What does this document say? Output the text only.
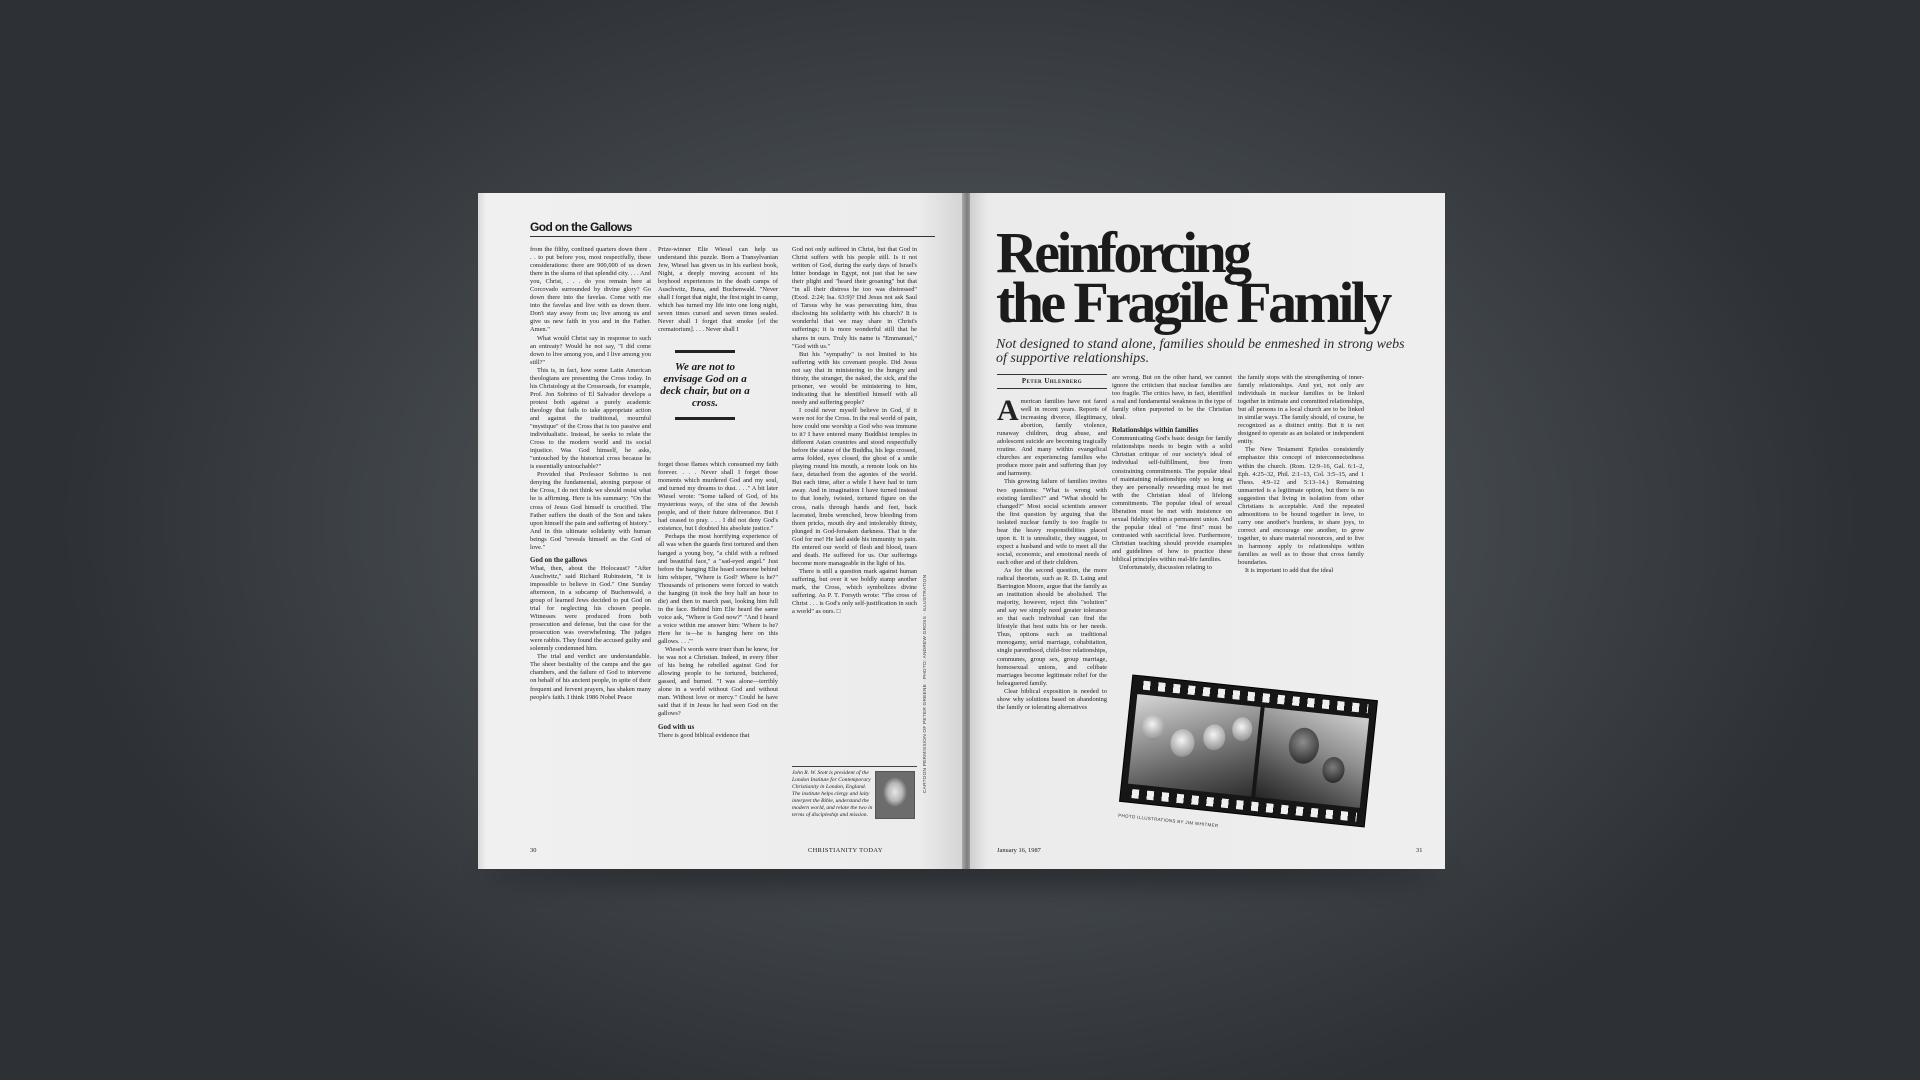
God on the Gallows

from the filthy, confined quarters down there . . . to put before you, most respectfully, these considerations: there are 900,000 of us down there in the slums of that splendid city. . . . And you, Christ, . . . do you remain here at Corcovado surrounded by divine glory? Go down there into the favelas. Come with me into the favelas and live with us down there. Don't stay away from us; live among us and give us new faith in you and in the Father. Amen."

What would Christ say in response to such an entreaty? Would he not say, "I did come down to live among you, and I live among you still?"

This is, in fact, how some Latin American theologians are presenting the Cross today. In his Christology at the Crossroads, for example, Prof. Jon Sobrino of El Salvador develops a protest both against a purely academic theology that fails to take appropriate action and against the traditional, mournful "mystique" of the Cross that is too passive and individualistic. Instead, he seeks to relate the Cross to the modern world and its social injustice. Was God himself, he asks, "untouched by the historical cross because he is essentially untouchable?"

Provided that Professor Sobrino is not denying the fundamental, atoning purpose of the Cross, I do not think we should resist what he is affirming. Here is his summary: "On the cross of Jesus God himself is crucified. The Father suffers the death of the Son and takes upon himself the pain and suffering of history." And in this ultimate solidarity with human beings God "reveals himself as the God of love."

God on the gallows

What, then, about the Holocaust? "After Auschwitz," said Richard Rubinstein, "it is impossible to believe in God." One Sunday afternoon, in a subcamp of Buchenwald, a group of learned Jews decided to put God on trial for neglecting his chosen people. Witnesses were produced from both prosecution and defense, but the case for the prosecution was overwhelming. The judges were rabbis. They found the accused guilty and solemnly condemned him.

The trial and verdict are understandable. The sheer bestiality of the camps and the gas chambers, and the failure of God to intervene on behalf of his ancient people, in spite of their frequent and fervent prayers, has shaken many people's faith. I think 1986 Nobel Peace

Prize-winner Elie Wiesel can help us understand this puzzle. Born a Transylvanian Jew, Wiesel has given us in his earliest book, Night, a deeply moving account of his boyhood experiences in the death camps of Auschwitz, Buna, and Buchenwald. "Never shall I forget that night, the first night in camp, which has turned my life into one long night, seven times cursed and seven times sealed. Never shall I forget that smoke [of the crematorium]. . . . Never shall I

We are not to envisage God on a deck chair, but on a cross.

forget those flames which consumed my faith forever. . . . Never shall I forget those moments which murdered God and my soul, and turned my dreams to dust. . . ." A bit later Wiesel wrote: "Some talked of God, of his mysterious ways, of the sins of the Jewish people, and of their future deliverance. But I had ceased to pray. . . . I did not deny God's existence, but I doubted his absolute justice."

Perhaps the most horrifying experience of all was when the guards first tortured and then hanged a young boy, "a child with a refined and beautiful face," a "sad-eyed angel." Just before the hanging Elie heard someone behind him whisper, "Where is God? Where is he?" Thousands of prisoners were forced to watch the hanging (it took the boy half an hour to die) and then to march past, looking him full in the face. Behind him Elie heard the same voice ask, "Where is God now?" "And I heard a voice within me answer him: 'Where is he? Here he is—he is hanging here on this gallows. . . .'"

Wiesel's words were truer than he knew, for he was not a Christian. Indeed, in every fiber of his being he rebelled against God for allowing people to be tortured, butchered, gassed, and burned. "I was alone—terribly alone in a world without God and without man. Without love or mercy." Could he have said that if in Jesus he had seen God on the gallows?

God with us

There is good biblical evidence that

God not only suffered in Christ, but that God in Christ suffers with his people still. Is it not written of God, during the early days of Israel's bitter bondage in Egypt, not just that he saw their plight and "heard their groaning" but that "in all their distress he too was distressed" (Exod. 2:24; Isa. 63:9)? Did Jesus not ask Saul of Tarsus why he was persecuting him, thus disclosing his solidarity with his church? It is wonderful that we may share in Christ's sufferings; it is more wonderful still that he shares in ours. Truly his name is "Emmanuel," "God with us."

But his "sympathy" is not limited to his suffering with his covenant people. Did Jesus not say that in ministering to the hungry and thirsty, the stranger, the naked, the sick, and the prisoner, we would be ministering to him, indicating that he identified himself with all needy and suffering people?

I could never myself believe in God, if it were not for the Cross. In the real world of pain, how could one worship a God who was immune to it? I have entered many Buddhist temples in different Asian countries and stood respectfully before the statue of the Buddha, his legs crossed, arms folded, eyes closed, the ghost of a smile playing round his mouth, a remote look on his face, detached from the agonies of the world. But each time, after a while I have had to turn away. And in imagination I have turned instead to that lonely, twisted, tortured figure on the cross, nails through hands and feet, back lacerated, limbs wrenched, brow bleeding from thorn pricks, mouth dry and intolerably thirsty, plunged in God-forsaken darkness. That is the God for me! He laid aside his immunity to pain. He entered our world of flesh and blood, tears and death. He suffered for us. Our sufferings become more manageable in the light of his.

There is still a question mark against human suffering, but over it we boldly stamp another mark, the Cross, which symbolizes divine suffering. As P. T. Forsyth wrote: "The cross of Christ . . . is God's only self-justification in such a world" as ours. □

John R. W. Stott is president of the London Institute for Contemporary Christianity in London, England. The institute helps clergy and laity interpret the Bible, understand the modern world, and relate the two in terms of discipleship and mission.
CARTOON PERMISSION OF PETER GREENE · PHOTO: ANDREW GROSS · ILLUSTRATION
30	CHRISTIANITY TODAY
Reinforcing
the Fragile Family
Not designed to stand alone, families should be enmeshed in strong webs of supportive relationships.
Peter Uhlenberg
A merican families have not fared well in recent years. Reports of increasing divorce, illegitimacy, abortion, family violence, runaway children, drug abuse, and adolescent suicide are becoming tragically routine. And many within evangelical churches are experiencing families who produce more pain and suffering than joy and harmony.

This growing failure of families invites two questions: "What is wrong with existing families?" and "What should be changed?" Most social scientists answer the first question by arguing that the isolated nuclear family is too fragile to bear the heavy responsibilities placed upon it. It is unrealistic, they suggest, to expect a husband and wife to meet all the social, economic, and emotional needs of each other and of their children.

As for the second question, the more radical theorists, such as R. D. Laing and Barrington Moore, argue that the family as an institution should be abolished. The majority, however, reject this "solution" and say we simply need greater tolerance so that each individual can find the lifestyle that best suits his or her needs. Thus, options such as traditional monogamy, serial marriage, cohabitation, single parenthood, child-free relationships, communes, group sex, group marriage, homosexual unions, and celibate marriages become legitimate relief for the beleaguered family.

Clear biblical exposition is needed to show why solutions based on abandoning the family or tolerating alternatives

are wrong. But on the other hand, we cannot ignore the criticism that nuclear families are too fragile. The critics have, in fact, identified a real and fundamental weakness in the type of family often purported to be the Christian ideal.

Relationships within families

Communicating God's basic design for family relationships needs to begin with a solid Christian critique of our society's ideal of individual self-fulfillment, free from constraining commitments. The popular ideal of maintaining relationships only so long as they are personally rewarding must be met with the Christian ideal of lifelong commitments. The popular ideal of sexual liberation must be met with insistence on sexual fidelity within a permanent union. And the popular ideal of "me first" must be contrasted with sacrificial love. Furthermore, Christian teaching should provide examples and guidelines of how to practice these biblical principles within real-life families.

Unfortunately, discussion relating to

the family stops with the strengthening of inner-family relationships. And yet, not only are individuals in nuclear families to be linked together in intimate and committed relationships, but all persons in a local church are to be linked in similar ways. The family should, of course, be recognized as a distinct entity. But it is not designed to operate as an isolated or independent entity.

The New Testament Epistles consistently emphasize this concept of interconnectedness within the church. (Rom. 12:9–16, Gal. 6:1–2, Eph. 4:25–32, Phil. 2:1–13, Col. 3:5–15, and 1 Thess. 4:9–12 and 5:13–14.) Remaining unmarried is a legitimate option, but there is no suggestion that living in isolation from other Christians is acceptable. And the repeated admonitions to be bound together in love, to carry one another's burdens, to share joys, to correct and encourage one another, to grow together, to share material resources, and to live in harmony apply to relationships within families as well as to those that cross family boundaries.

It is important to add that the ideal

PHOTO ILLUSTRATIONS BY JIM WHITMER
January 16, 1987	31
